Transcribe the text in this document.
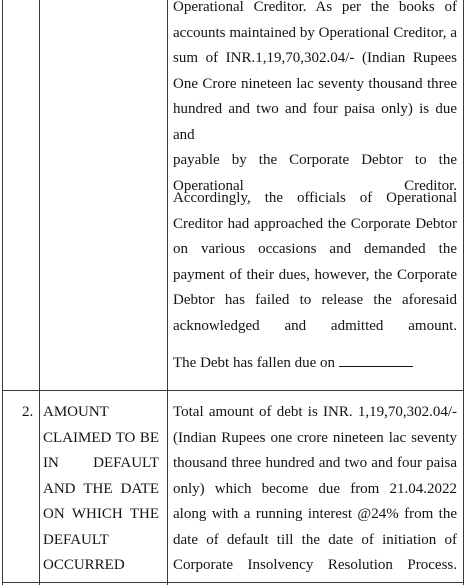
Operational Creditor. As per the books of
accounts maintained by Operational Creditor, a
sum of INR.1,19,70,302.04/- (Indian Rupees
One Crore nineteen lac seventy thousand three
hundred and two and four paisa only) is due and
payable by the Corporate Debtor to the

Operational Creditor.

Accordingly, the officials of Operational
Creditor had approached the Corporate Debtor
on various occasions and demanded the
payment of their dues, however, the Corporate
Debtor has failed to release the aforesaid

acknowledged and admitted amount.

The Debt has fallen due on

2. AMOUNT
CLAIMED TO BE
IN DEFAULT
AND THE DATE
ON WHICH THE

DEFAULT
OCCURRED

Total amount of debt is INR. 1,19,70,302.04/-
(Indian Rupees one crore nineteen lac seventy
thousand three hundred and two and four paisa
only) which become due from 21.04.2022
along with a running interest @24% from the
date of default till the date of initiation of

Corporate Insolvency Resolution Process.
